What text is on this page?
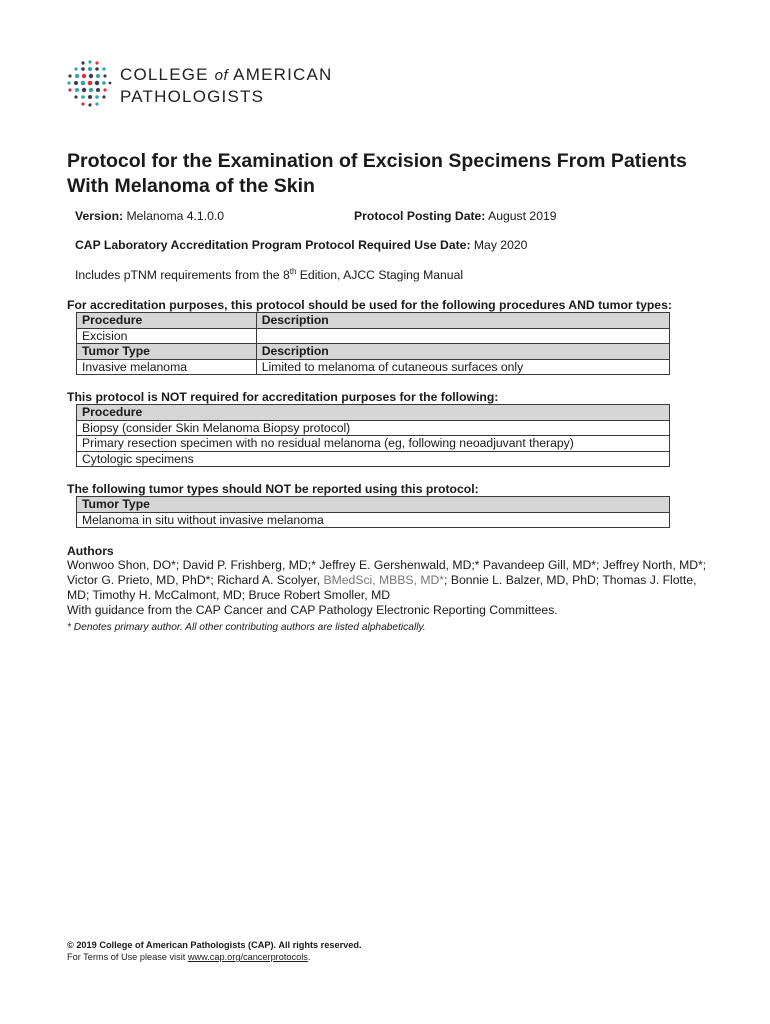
COLLEGE of AMERICAN
PATHOLOGISTS
Protocol for the Examination of Excision Specimens From Patients With Melanoma of the Skin
Version: Melanoma 4.1.0.0	Protocol Posting Date: August 2019
CAP Laboratory Accreditation Program Protocol Required Use Date: May 2020
Includes pTNM requirements from the 8th Edition, AJCC Staging Manual
For accreditation purposes, this protocol should be used for the following procedures AND tumor types:
Procedure	Description
Excision	
Tumor Type	Description
Invasive melanoma	Limited to melanoma of cutaneous surfaces only
This protocol is NOT required for accreditation purposes for the following:
Procedure
Biopsy (consider Skin Melanoma Biopsy protocol)
Primary resection specimen with no residual melanoma (eg, following neoadjuvant therapy)
Cytologic specimens
The following tumor types should NOT be reported using this protocol:
Tumor Type
Melanoma in situ without invasive melanoma
Authors
Wonwoo Shon, DO*; David P. Frishberg, MD;* Jeffrey E. Gershenwald, MD;* Pavandeep Gill, MD*; Jeffrey North, MD*; Victor G. Prieto, MD, PhD*; Richard A. Scolyer, BMedSci, MBBS, MD*; Bonnie L. Balzer, MD, PhD; Thomas J. Flotte, MD; Timothy H. McCalmont, MD; Bruce Robert Smoller, MD
With guidance from the CAP Cancer and CAP Pathology Electronic Reporting Committees.
* Denotes primary author. All other contributing authors are listed alphabetically.
© 2019 College of American Pathologists (CAP). All rights reserved.
For Terms of Use please visit www.cap.org/cancerprotocols.
